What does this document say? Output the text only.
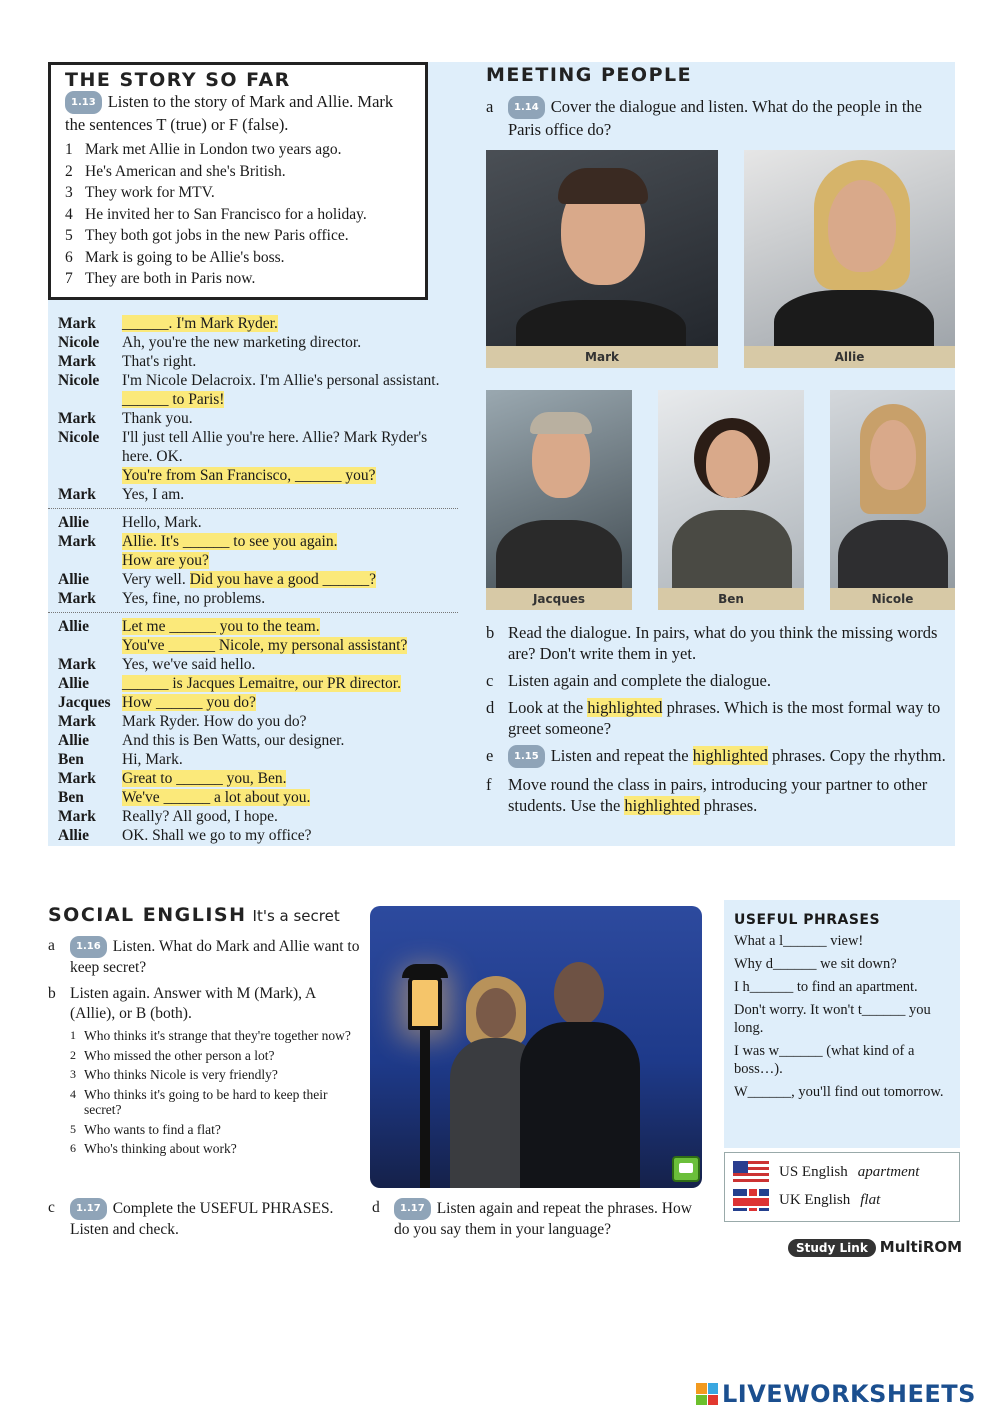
THE STORY SO FAR
1.13 Listen to the story of Mark and Allie. Mark the sentences T (true) or F (false).
1 Mark met Allie in London two years ago.
2 He's American and she's British.
3 They work for MTV.
4 He invited her to San Francisco for a holiday.
5 They both got jobs in the new Paris office.
6 Mark is going to be Allie's boss.
7 They are both in Paris now.
Mark	______. I'm Mark Ryder.
Nicole	Ah, you're the new marketing director.
Mark	That's right.
Nicole	I'm Nicole Delacroix. I'm Allie's personal assistant. ______ to Paris!
Mark	Thank you.
Nicole	I'll just tell Allie you're here. Allie? Mark Ryder's here. OK.
You're from San Francisco, ______ you?
Mark	Yes, I am.
Allie	Hello, Mark.
Mark	Allie. It's ______ to see you again.
How are you?
Allie	Very well. Did you have a good ______?
Mark	Yes, fine, no problems.
Allie	Let me ______ you to the team.
You've ______ Nicole, my personal assistant?
Mark	Yes, we've said hello.
Allie	______ is Jacques Lemaitre, our PR director.
Jacques How ______ you do?
Mark	Mark Ryder. How do you do?
Allie	And this is Ben Watts, our designer.
Ben	Hi, Mark.
Mark	Great to ______ you, Ben.
Ben	We've ______ a lot about you.
Mark	Really? All good, I hope.
Allie	OK. Shall we go to my office?
MEETING PEOPLE
a	1.14 Cover the dialogue and listen. What do the people in the Paris office do?
Mark	Allie
Jacques	Ben	Nicole
b Read the dialogue. In pairs, what do you think the missing words are? Don't write them in yet.
c Listen again and complete the dialogue.
d Look at the highlighted phrases. Which is the most formal way to greet someone?
e	1.15 Listen and repeat the highlighted phrases. Copy the rhythm.
f	Move round the class in pairs, introducing your partner to other students. Use the highlighted phrases.
SOCIAL ENGLISH It's a secret
a	1.16 Listen. What do Mark and Allie want to keep secret?
b Listen again. Answer with M (Mark), A (Allie), or B (both).
1 Who thinks it's strange that they're together now?
2 Who missed the other person a lot?
3 Who thinks Nicole is very friendly?
4 Who thinks it's going to be hard to keep their secret?
5 Who wants to find a flat?
6 Who's thinking about work?
c	1.17 Complete the USEFUL PHRASES. Listen and check.
d	1.17 Listen again and repeat the phrases. How do you say them in your language?
USEFUL PHRASES
What a l______ view!
Why d______ we sit down?
I h______ to find an apartment.
Don't worry. It won't t______ you long.
I was w______ (what kind of a boss…).
W______, you'll find out tomorrow.
US English apartment
UK English flat
Study Link MultiROM
LIVEWORKSHEETS
